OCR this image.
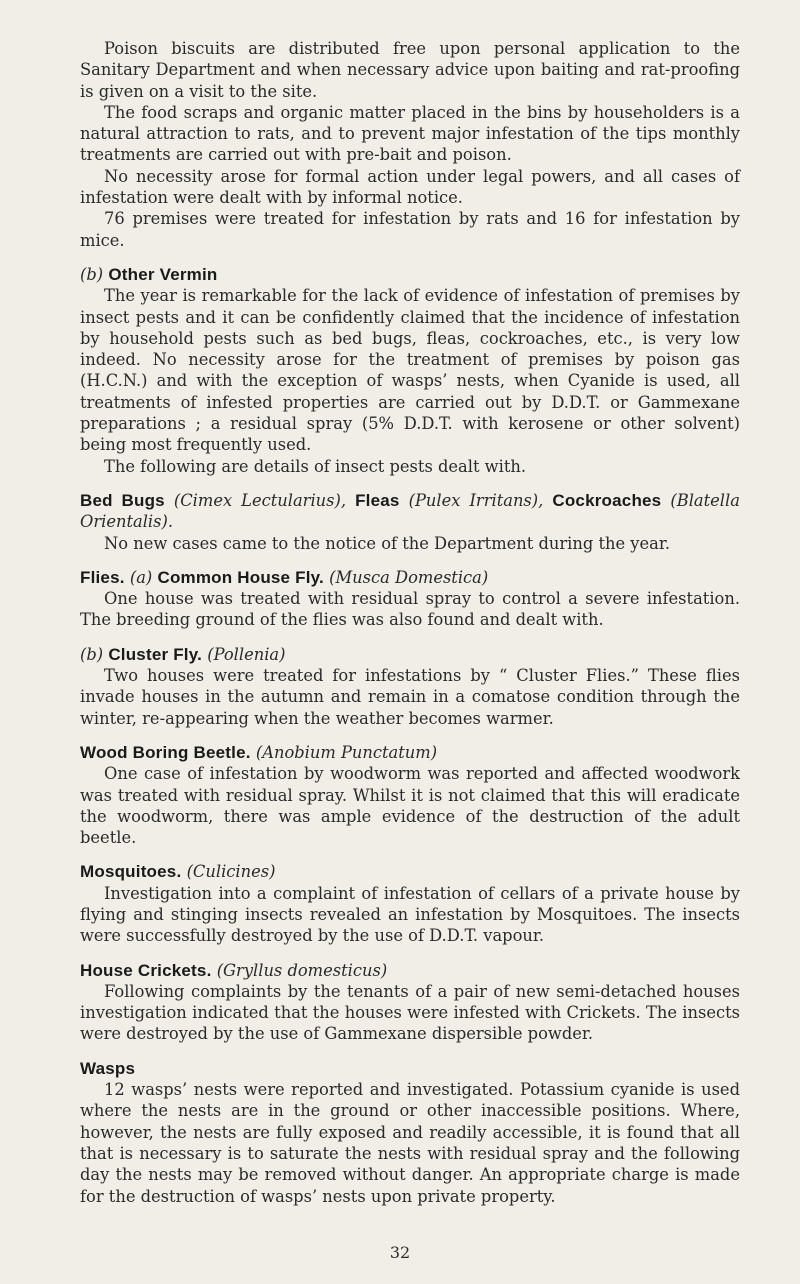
Poison biscuits are distributed free upon personal application to the Sanitary Department and when necessary advice upon baiting and rat-proofing is given on a visit to the site.

The food scraps and organic matter placed in the bins by householders is a natural attraction to rats, and to prevent major infestation of the tips monthly treatments are carried out with pre-bait and poison.

No necessity arose for formal action under legal powers, and all cases of infestation were dealt with by informal notice.

76 premises were treated for infestation by rats and 16 for infestation by mice.

(b) Other Vermin

The year is remarkable for the lack of evidence of infestation of premises by insect pests and it can be confidently claimed that the incidence of infestation by household pests such as bed bugs, fleas, cockroaches, etc., is very low indeed. No necessity arose for the treatment of premises by poison gas (H.C.N.) and with the exception of wasps’ nests, when Cyanide is used, all treatments of infested properties are carried out by D.D.T. or Gammexane preparations ; a residual spray (5% D.D.T. with kerosene or other solvent) being most frequently used.

The following are details of insect pests dealt with.

Bed Bugs (Cimex Lectularius), Fleas (Pulex Irritans), Cockroaches (Blatella Orientalis).

No new cases came to the notice of the Department during the year.

Flies. (a) Common House Fly. (Musca Domestica)

One house was treated with residual spray to control a severe infestation. The breeding ground of the flies was also found and dealt with.

(b) Cluster Fly. (Pollenia)

Two houses were treated for infestations by “ Cluster Flies.” These flies invade houses in the autumn and remain in a comatose condition through the winter, re-appearing when the weather becomes warmer.

Wood Boring Beetle. (Anobium Punctatum)

One case of infestation by woodworm was reported and affected woodwork was treated with residual spray. Whilst it is not claimed that this will eradicate the woodworm, there was ample evidence of the destruction of the adult beetle.

Mosquitoes. (Culicines)

Investigation into a complaint of infestation of cellars of a private house by flying and stinging insects revealed an infestation by Mosquitoes. The insects were successfully destroyed by the use of D.D.T. vapour.

House Crickets. (Gryllus domesticus)

Following complaints by the tenants of a pair of new semi-detached houses investigation indicated that the houses were infested with Crickets. The insects were destroyed by the use of Gammexane dispersible powder.

Wasps

12 wasps’ nests were reported and investigated. Potassium cyanide is used where the nests are in the ground or other inaccessible positions. Where, however, the nests are fully exposed and readily accessible, it is found that all that is necessary is to saturate the nests with residual spray and the following day the nests may be removed without danger. An appropriate charge is made for the destruction of wasps’ nests upon private property.

32
